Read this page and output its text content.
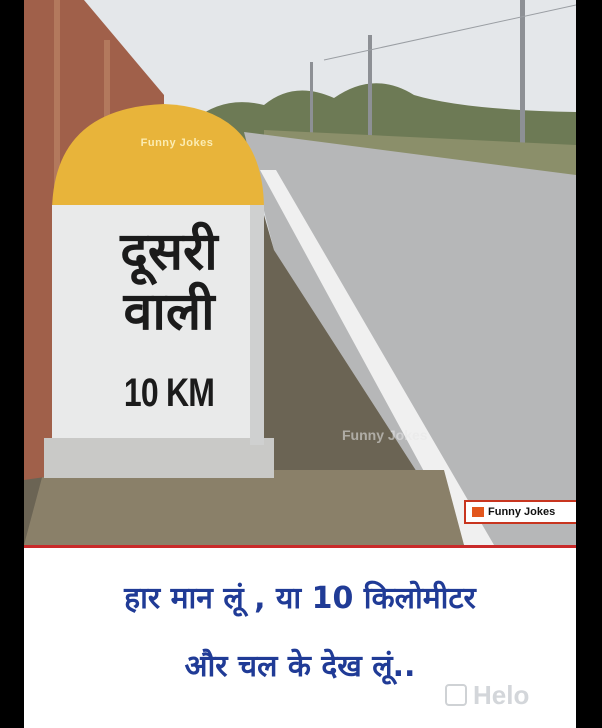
Funny Jokes
दूसरी
वाली
10 KM
Funny Jokes
Funny Jokes
हार मान लूं , या 10 किलोमीटर
और चल के देख लूं..
Helo
